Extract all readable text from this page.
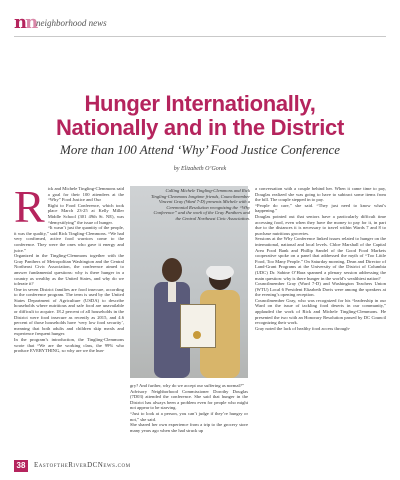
nn neighborhood news
Hunger Internationally,
Nationally and in the District
More than 100 Attend ‘Why’ Food Justice Conference
by Elizabeth O’Gorek
R ick and Michele Tingling-Clemmons said a goal for their 100 attendees at the “Why” Food Justice and Our

Right to Food Conference, which took place March 23-25 at Kelly Miller Middle School (301 49th St. NE), was “demystifying” the issue of hunger.

“It wasn’t just the quantity of the people, it was the quality,” said Rick Tingling-Clemmons. “We had very confirmed, active food warriors come to the conference. They were the ones who gave it energy and juice.”

Organized in the Tingling-Clemmons together with the Gray Panthers of Metropolitan Washington and the Central Northeast Civic Association, the conference aimed to answer fundamental questions: why is there hunger in a country as wealthy as the United States, and why do we tolerate it?

One in seven District families are food insecure, according to the conference program. The term is used by the United States Department of Agriculture (USDA) to describe households where nutritious and safe food are unavailable or difficult to acquire. 18.2 percent of all households in the District were food insecure as recently as 2015, and 4.6 percent of those households have ‘very low food security’, meaning that both adults and children skip meals and experience frequent hunger.

In the program’s introduction, the Tingling-Clemmons wrote that “We are the working class, the 99% who produce EVERYTHING, so why are we the hun-

Calling Michele Tingling-Clemmons and Rick Tingling-Clemmons longtime friends, Councilmember Vincent Gray (Ward 7-D) presents Michele with a Ceremonial Resolution recognizing the “Why Conference” and the work of the Gray Panthers and the Central Northeast Civic Association.

gry? And further, why do we accept our suffering as normal?”

Advisory Neighborhood Commissioner Dorothy Douglas (7D03) attended the conference. She said that hunger in the District has always been a problem even for people who might not appear to be starving.

“Just to look at a person, you can’t judge if they’re hungry or not,” she said.

She shared her own experience from a trip to the grocery store many years ago when she had struck up

a conversation with a couple behind her. When it came time to pay, Douglas realized she was going to have to subtract some items from the bill. The couple stepped in to pay.

“People do care,” she said. “They just need to know what’s happening.”

Douglas pointed out that seniors have a particularly difficult time accessing food, even when they have the money to pay for it, in part due to the distances it is necessary to travel within Wards 7 and 8 to purchase nutritious groceries.

Sessions at the Why Conference linked issues related to hunger on the international, national and local levels. Chloe Marshall of the Capital Area Food Bank and Phillip Sandel of the Good Food Markets cooperative spoke on a panel that addressed the myth of “Too Little Food, Too Many People.” On Saturday morning, Dean and Director of Land-Grant Programs at the University of the District of Columbia (UDC) Dr. Sabine O’Hara spanned a plenary session addressing the main question: why is there hunger in the world’s wealthiest nation?

Councilmember Gray (Ward 7-D) and Washington Teachers Union (WTU) Local 6 President Elizabeth Davis were among the speakers at the evening’s opening reception.

Councilmember Gray, who was recognized for his “leadership in our Ward on the issue of tackling food deserts in our community,” applauded the work of Rick and Michele Tingling-Clemmons. He presented the two with an Honorary Resolution passed by DC Council recognizing their work.

Gray noted the lack of healthy food access through-

38	EastoftheRiverDCNews.com
